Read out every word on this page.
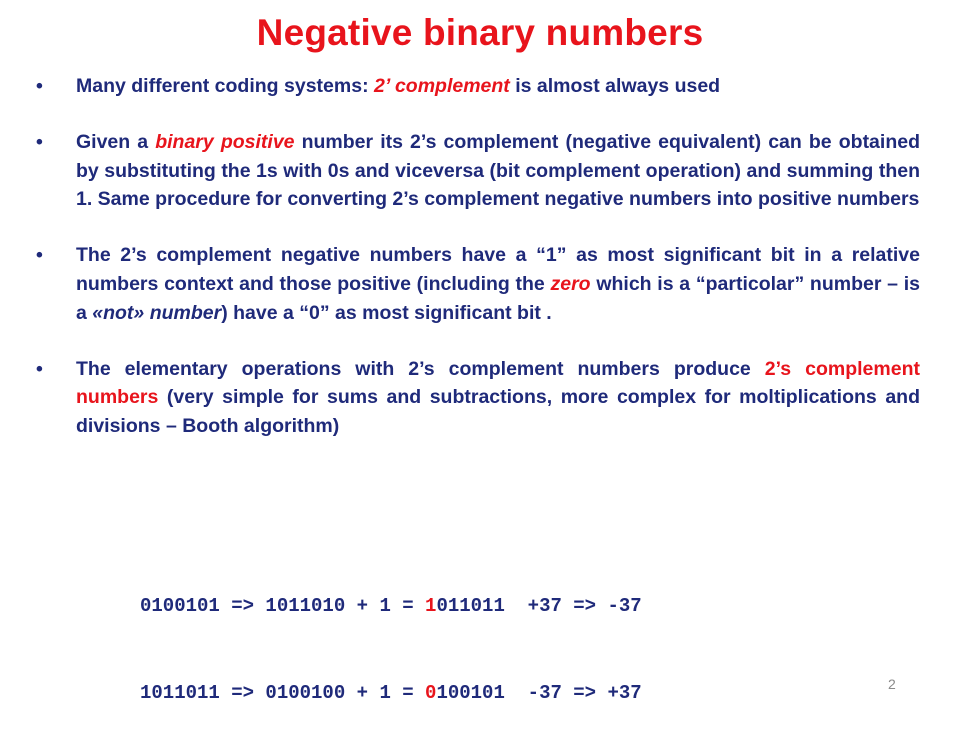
Negative binary numbers
• Many different coding systems: 2’ complement is almost always used
• Given a binary positive number its 2’s complement (negative equivalent) can be obtained by substituting the 1s with 0s and viceversa (bit complement operation) and summing then 1. Same procedure for converting 2’s complement negative numbers into positive numbers
• The 2’s complement negative numbers have a “1” as most significant bit in a relative numbers context and those positive (including the zero which is a “particolar” number – is a «not» number) have a “0” as most significant bit .
• The elementary operations with 2’s complement numbers produce 2’s complement numbers (very simple for sums and subtractions, more complex for moltiplications and divisions – Booth algorithm)

0100101 => 1011010 + 1 = 1011011  +37 => -37

1011011 => 0100100 + 1 = 0100101  -37 => +37	2
